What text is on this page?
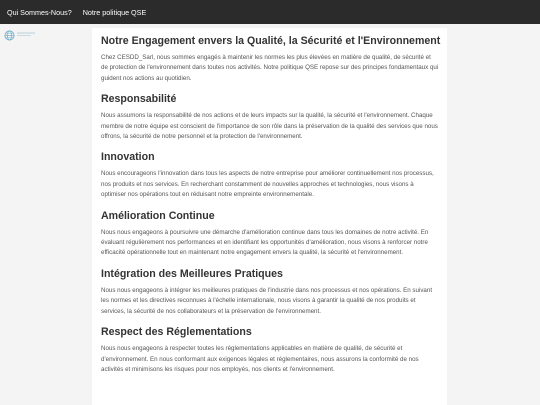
Qui Sommes-Nous? Notre politique QSE
Notre Engagement envers la Qualité, la Sécurité et l'Environnement

Chez CESDD_Sarl, nous sommes engagés à maintenir les normes les plus élevées en matière de qualité, de sécurité et de protection de l'environnement dans toutes nos activités. Notre politique QSE repose sur des principes fondamentaux qui guident nos actions au quotidien.

Responsabilité

Nous assumons la responsabilité de nos actions et de leurs impacts sur la qualité, la sécurité et l'environnement. Chaque membre de notre équipe est conscient de l'importance de son rôle dans la préservation de la qualité des services que nous offrons, la sécurité de notre personnel et la protection de l'environnement.

Innovation

Nous encourageons l'innovation dans tous les aspects de notre entreprise pour améliorer continuellement nos processus, nos produits et nos services. En recherchant constamment de nouvelles approches et technologies, nous visons à optimiser nos opérations tout en réduisant notre empreinte environnementale.

Amélioration Continue

Nous nous engageons à poursuivre une démarche d'amélioration continue dans tous les domaines de notre activité. En évaluant régulièrement nos performances et en identifiant les opportunités d'amélioration, nous visons à renforcer notre efficacité opérationnelle tout en maintenant notre engagement envers la qualité, la sécurité et l'environnement.

Intégration des Meilleures Pratiques

Nous nous engageons à intégrer les meilleures pratiques de l'industrie dans nos processus et nos opérations. En suivant les normes et les directives reconnues à l'échelle internationale, nous visons à garantir la qualité de nos produits et services, la sécurité de nos collaborateurs et la préservation de l'environnement.

Respect des Réglementations

Nous nous engageons à respecter toutes les réglementations applicables en matière de qualité, de sécurité et d'environnement. En nous conformant aux exigences légales et réglementaires, nous assurons la conformité de nos activités et minimisons les risques pour nos employés, nos clients et l'environnement.
